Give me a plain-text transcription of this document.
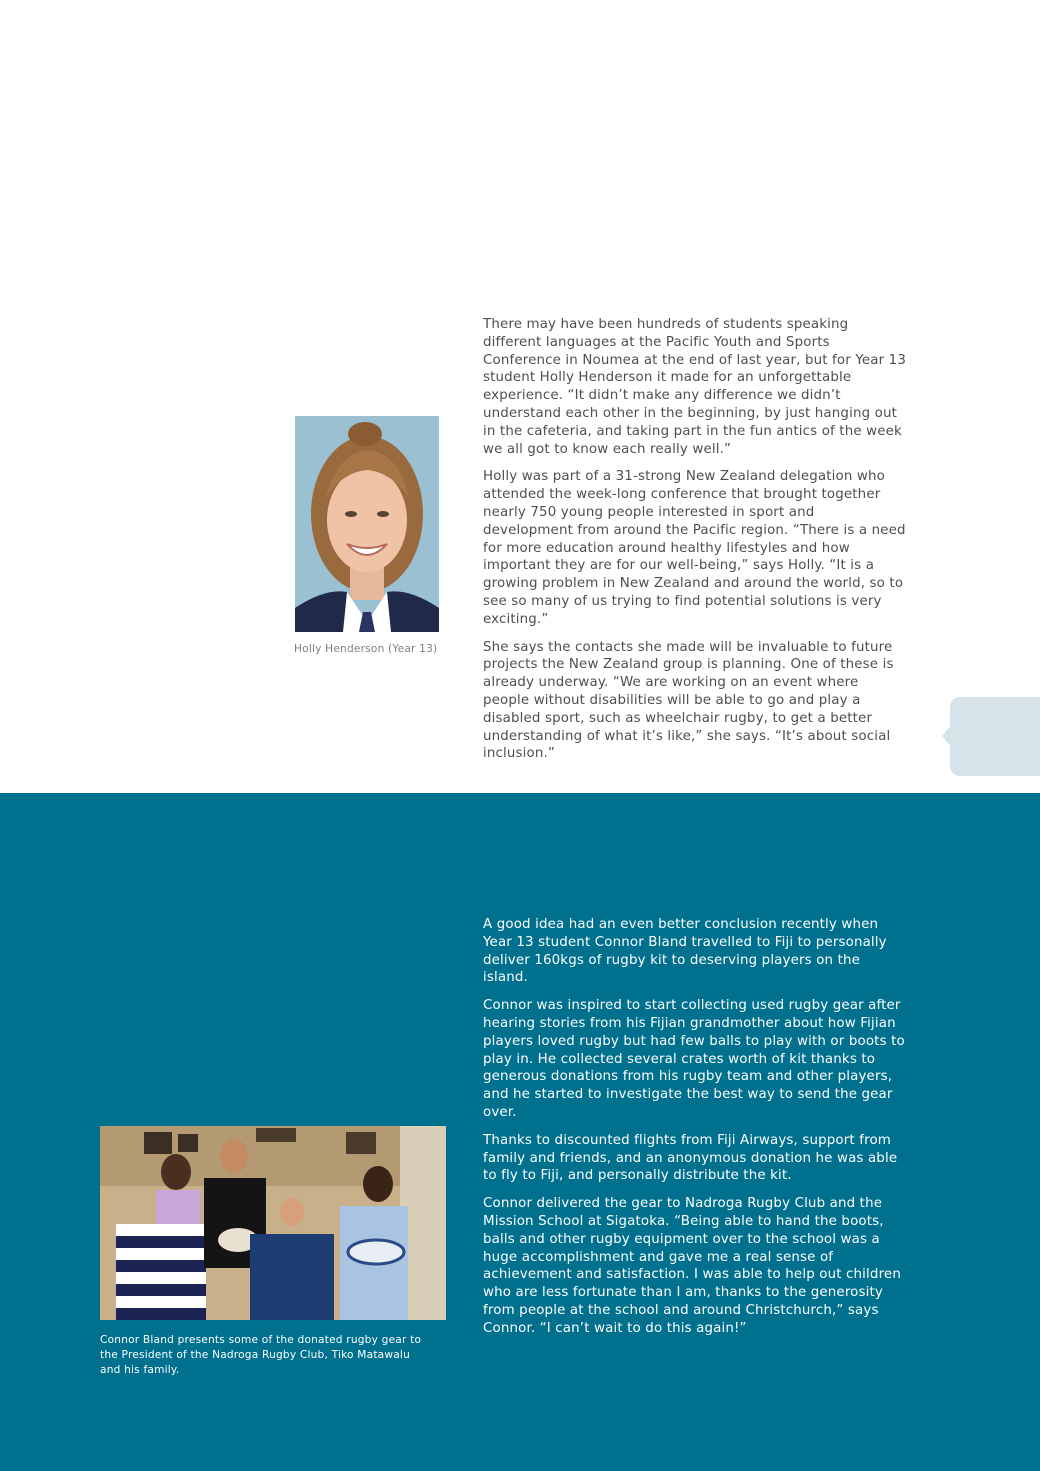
Holly Henderson (Year 13)

There may have been hundreds of students speaking different languages at the Pacific Youth and Sports Conference in Noumea at the end of last year, but for Year 13 student Holly Henderson it made for an unforgettable experience. “It didn’t make any difference we didn’t understand each other in the beginning, by just hanging out in the cafeteria, and taking part in the fun antics of the week we all got to know each really well.”

Holly was part of a 31-strong New Zealand delegation who attended the week-long conference that brought together nearly 750 young people interested in sport and development from around the Pacific region. “There is a need for more education around healthy lifestyles and how important they are for our well-being,” says Holly. “It is a growing problem in New Zealand and around the world, so to see so many of us trying to find potential solutions is very exciting.”

She says the contacts she made will be invaluable to future projects the New Zealand group is planning. One of these is already underway. “We are working on an event where people without disabilities will be able to go and play a disabled sport, such as wheelchair rugby, to get a better understanding of what it’s like,” she says. “It’s about social inclusion.”

Connor Bland presents some of the donated rugby gear to the President of the Nadroga Rugby Club, Tiko Matawalu and his family.

A good idea had an even better conclusion recently when Year 13 student Connor Bland travelled to Fiji to personally deliver 160kgs of rugby kit to deserving players on the island.

Connor was inspired to start collecting used rugby gear after hearing stories from his Fijian grandmother about how Fijian players loved rugby but had few balls to play with or boots to play in. He collected several crates worth of kit thanks to generous donations from his rugby team and other players, and he started to investigate the best way to send the gear over.

Thanks to discounted flights from Fiji Airways, support from family and friends, and an anonymous donation he was able to fly to Fiji, and personally distribute the kit.

Connor delivered the gear to Nadroga Rugby Club and the Mission School at Sigatoka. “Being able to hand the boots, balls and other rugby equipment over to the school was a huge accomplishment and gave me a real sense of achievement and satisfaction. I was able to help out children who are less fortunate than I am, thanks to the generosity from people at the school and around Christchurch,” says Connor. “I can’t wait to do this again!”
